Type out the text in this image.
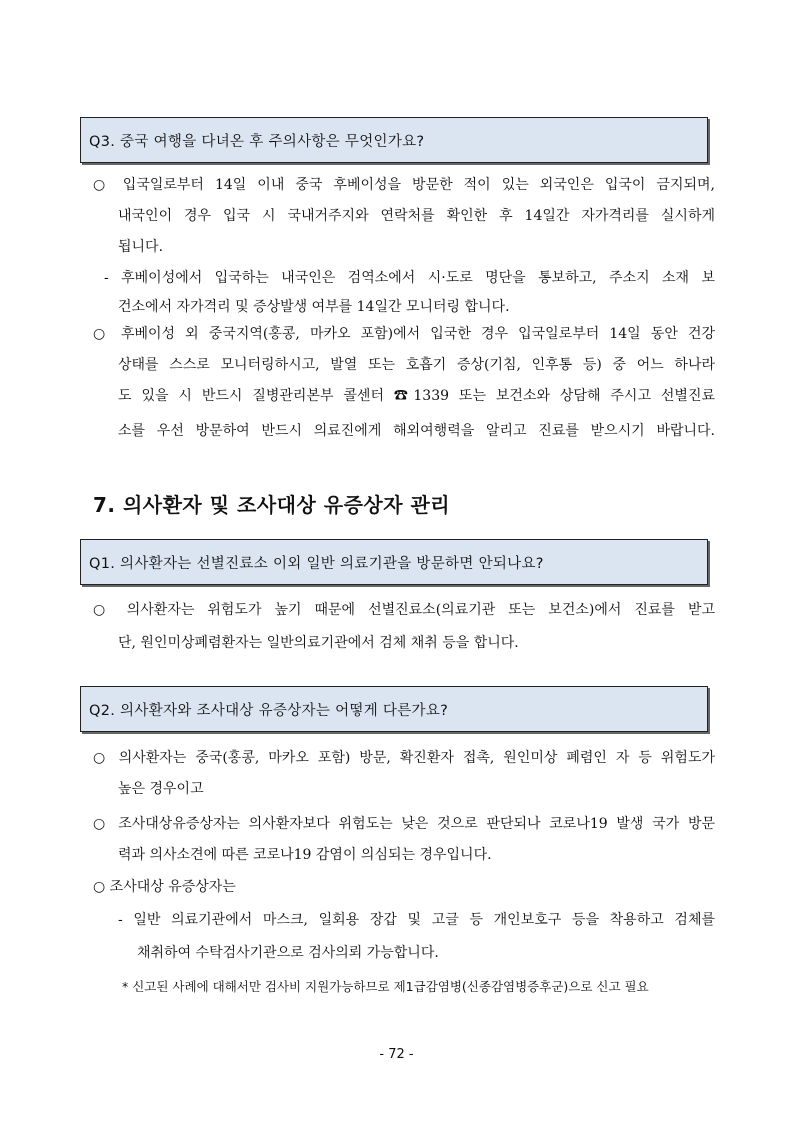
Q3. 중국 여행을 다녀온 후 주의사항은 무엇인가요?
○ 입국일로부터 14일 이내 중국 후베이성을 방문한 적이 있는 외국인은 입국이 금지되며,
내국인이 경우 입국 시 국내거주지와 연락처를 확인한 후 14일간 자가격리를 실시하게
됩니다.
- 후베이성에서 입국하는 내국인은 검역소에서 시·도로 명단을 통보하고, 주소지 소재 보
건소에서 자가격리 및 증상발생 여부를 14일간 모니터링 합니다.
○ 후베이성 외 중국지역(홍콩, 마카오 포함)에서 입국한 경우 입국일로부터 14일 동안 건강
상태를 스스로 모니터링하시고, 발열 또는 호흡기 증상(기침, 인후통 등) 중 어느 하나라
도 있을 시 반드시 질병관리본부 콜센터 ☎1339 또는 보건소와 상담해 주시고 선별진료
소를 우선 방문하여 반드시 의료진에게 해외여행력을 알리고 진료를 받으시기 바랍니다.
7. 의사환자 및 조사대상 유증상자 관리
Q1. 의사환자는 선별진료소 이외 일반 의료기관을 방문하면 안되나요?
○ 의사환자는 위험도가 높기 때문에 선별진료소(의료기관 또는 보건소)에서 진료를 받고
단, 원인미상폐렴환자는 일반의료기관에서 검체 채취 등을 합니다.
Q2. 의사환자와 조사대상 유증상자는 어떻게 다른가요?
○ 의사환자는 중국(홍콩, 마카오 포함) 방문, 확진환자 접촉, 원인미상 폐렴인 자 등 위험도가
높은 경우이고
○ 조사대상유증상자는 의사환자보다 위험도는 낮은 것으로 판단되나 코로나19 발생 국가 방문
력과 의사소견에 따른 코로나19 감염이 의심되는 경우입니다.
○ 조사대상 유증상자는
- 일반 의료기관에서 마스크, 일회용 장갑 및 고글 등 개인보호구 등을 착용하고 검체를
채취하여 수탁검사기관으로 검사의뢰 가능합니다.
* 신고된 사례에 대해서만 검사비 지원가능하므로 제1급감염병(신종감염병증후군)으로 신고 필요
- 72 -
